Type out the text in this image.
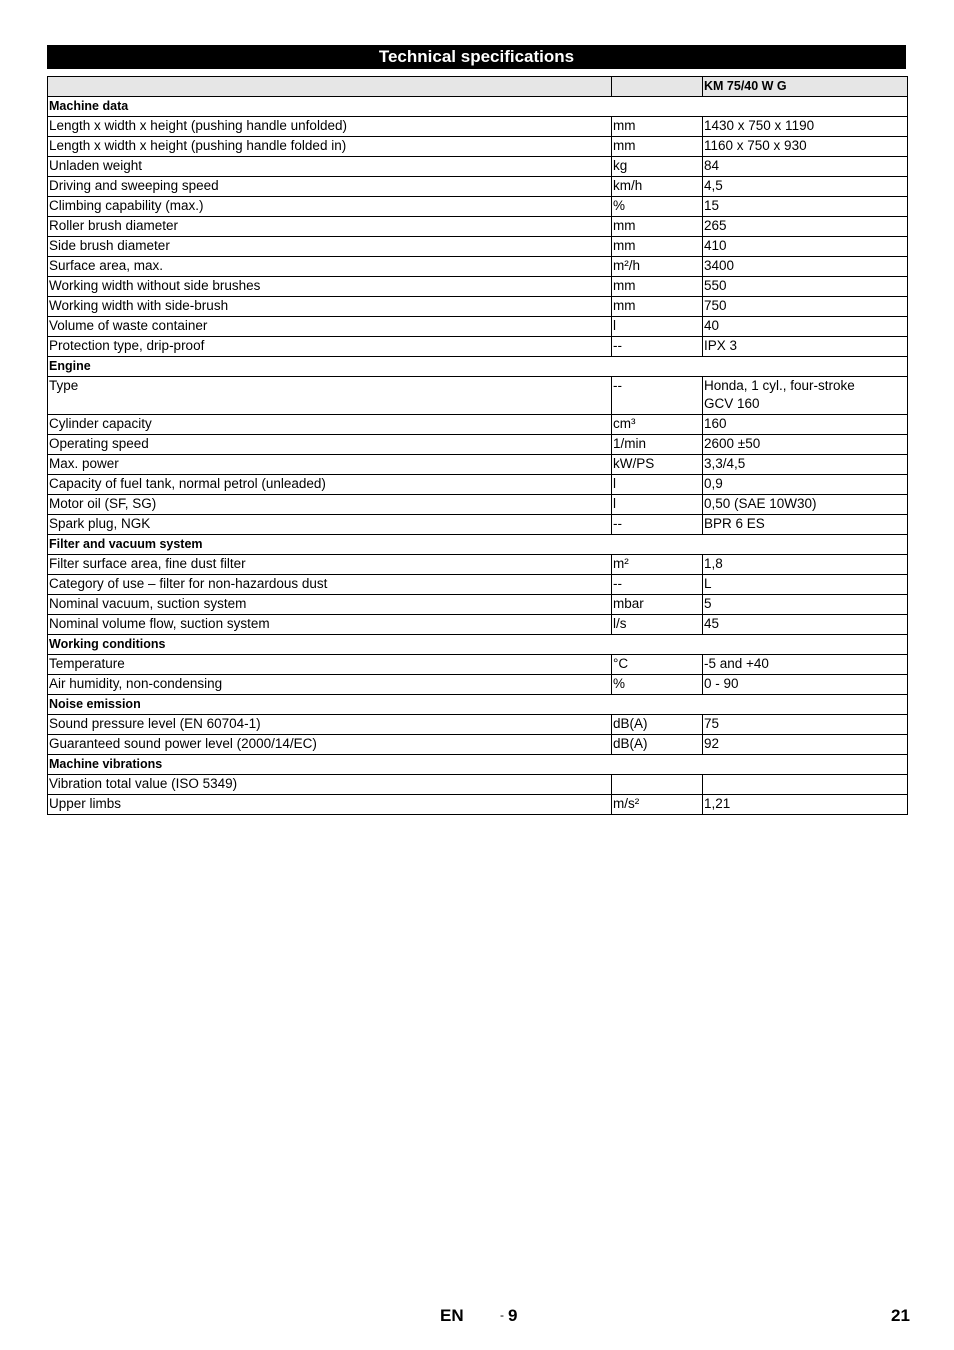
Technical specifications
		KM 75/40 W G
Machine data		
Length x width x height (pushing handle unfolded)	mm	1430 x 750 x 1190
Length x width x height (pushing handle folded in)	mm	1160 x 750 x 930
Unladen weight	kg	84
Driving and sweeping speed	km/h	4,5
Climbing capability (max.)	%	15
Roller brush diameter	mm	265
Side brush diameter	mm	410
Surface area, max.	m²/h	3400
Working width without side brushes	mm	550
Working width with side-brush	mm	750
Volume of waste container	l	40
Protection type, drip-proof	--	IPX 3
Engine		
Type	--	Honda, 1 cyl., four-stroke
GCV 160
Cylinder capacity	cm³	160
Operating speed	1/min	2600 ±50
Max. power	kW/PS	3,3/4,5
Capacity of fuel tank, normal petrol (unleaded)	l	0,9
Motor oil (SF, SG)	l	0,50 (SAE 10W30)
Spark plug, NGK	--	BPR 6 ES
Filter and vacuum system		
Filter surface area, fine dust filter	m²	1,8
Category of use – filter for non-hazardous dust	--	L
Nominal vacuum, suction system	mbar	5
Nominal volume flow, suction system	l/s	45
Working conditions		
Temperature	°C	-5 and +40
Air humidity, non-condensing	%	0 - 90
Noise emission		
Sound pressure level (EN 60704-1)	dB(A)	75
Guaranteed sound power level (2000/14/EC)	dB(A)	92
Machine vibrations		
Vibration total value (ISO 5349)		
Upper limbs	m/s²	1,21
EN	- 9	21
